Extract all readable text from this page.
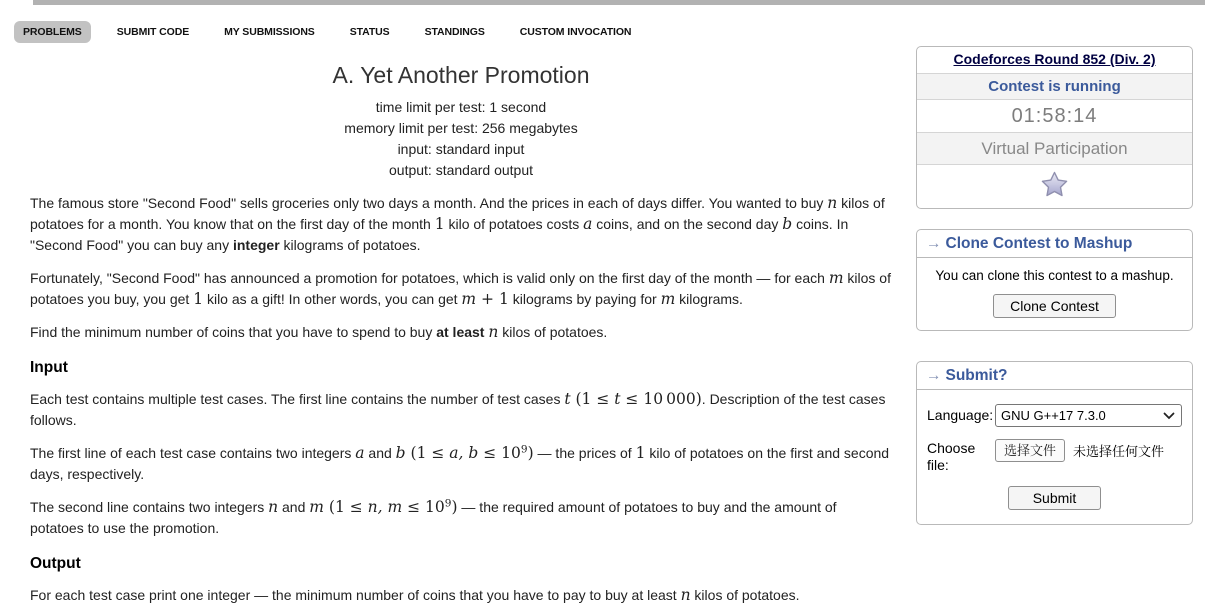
PROBLEMS	SUBMIT CODE	MY SUBMISSIONS	STATUS	STANDINGS	CUSTOM INVOCATION
A. Yet Another Promotion
time limit per test: 1 second
memory limit per test: 256 megabytes
input: standard input
output: standard output

The famous store "Second Food" sells groceries only two days a month. And the prices in each of days differ. You wanted to buy n kilos of potatoes for a month. You know that on the first day of the month 1 kilo of potatoes costs a coins, and on the second day b coins. In "Second Food" you can buy any integer kilograms of potatoes.

Fortunately, "Second Food" has announced a promotion for potatoes, which is valid only on the first day of the month — for each m kilos of potatoes you buy, you get 1 kilo as a gift! In other words, you can get m + 1 kilograms by paying for m kilograms.

Find the minimum number of coins that you have to spend to buy at least n kilos of potatoes.

Input

Each test contains multiple test cases. The first line contains the number of test cases t (1 ≤ t ≤ 10 000). Description of the test cases follows.

The first line of each test case contains two integers a and b (1 ≤ a, $b \le 10^9$) — the prices of 1 kilo of potatoes on the first and second days, respectively.

The second line contains two integers n and m (1 ≤ n, $m \le 10^9$) — the required amount of potatoes to buy and the amount of potatoes to use the promotion.

Output

For each test case print one integer — the minimum number of coins that you have to pay to buy at least n kilos of potatoes.

Codeforces Round 852 (Div. 2)
Contest is running
01:58:14
Virtual Participation
→ Clone Contest to Mashup
You can clone this contest to a mashup.
Clone Contest
→ Submit?
Language: GNU G++17 7.3.0
Choose file:
选择文件	未选择任何文件
Submit
